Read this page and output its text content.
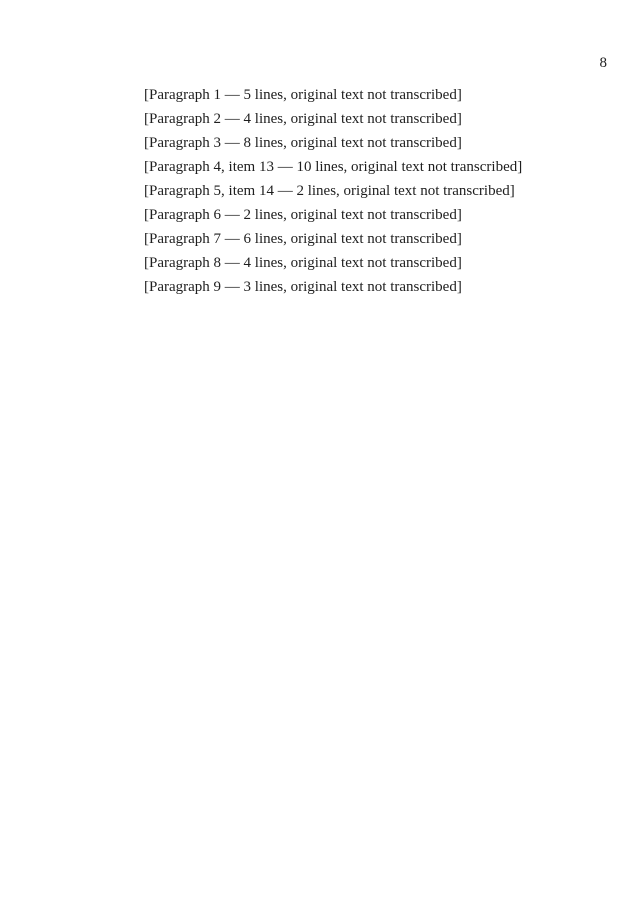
8

[Paragraph 1 — 5 lines, original text not transcribed]

[Paragraph 2 — 4 lines, original text not transcribed]

[Paragraph 3 — 8 lines, original text not transcribed]

[Paragraph 4, item 13 — 10 lines, original text not transcribed]

[Paragraph 5, item 14 — 2 lines, original text not transcribed]

[Paragraph 6 — 2 lines, original text not transcribed]

[Paragraph 7 — 6 lines, original text not transcribed]

[Paragraph 8 — 4 lines, original text not transcribed]

[Paragraph 9 — 3 lines, original text not transcribed]
